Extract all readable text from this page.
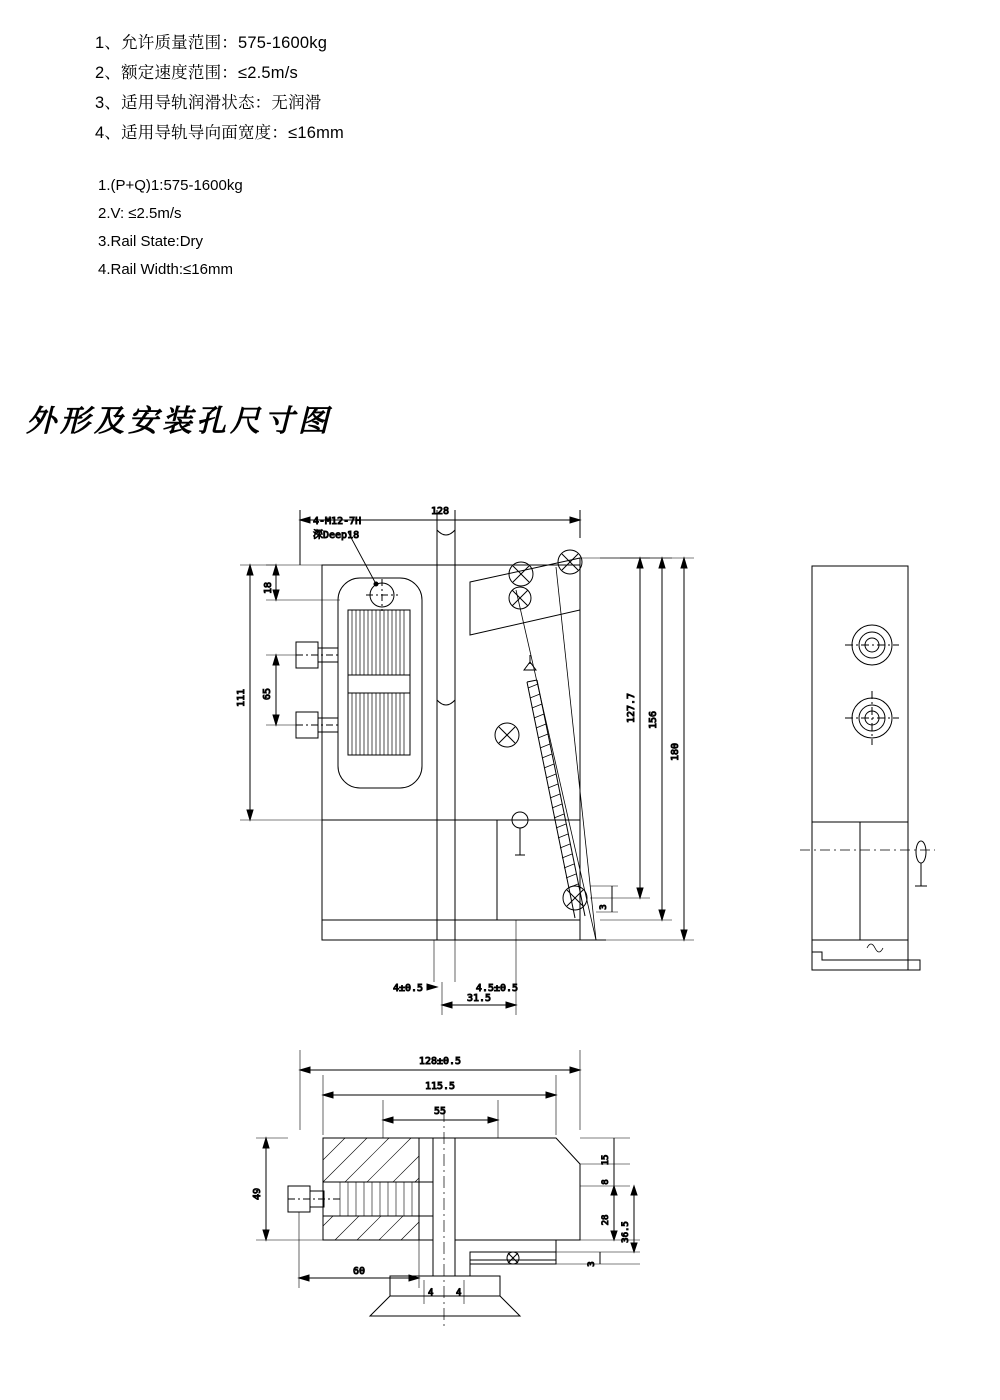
1、允许质量范围：575-1600kg
2、额定速度范围：≤2.5m/s
3、适用导轨润滑状态：无润滑
4、适用导轨导向面宽度：≤16mm
1.(P+Q)1:575-1600kg
2.V: ≤2.5m/s
3.Rail State:Dry
4.Rail Width:≤16mm
外形及安装孔尺寸图
128
4-M12-7H
深Deep18
18
65
111	127.7 156
180
3
4±0.5	4.5±0.5
31.5
128±0.5
115.5
55
15
8
28
36.5
3
49
60
4	4
